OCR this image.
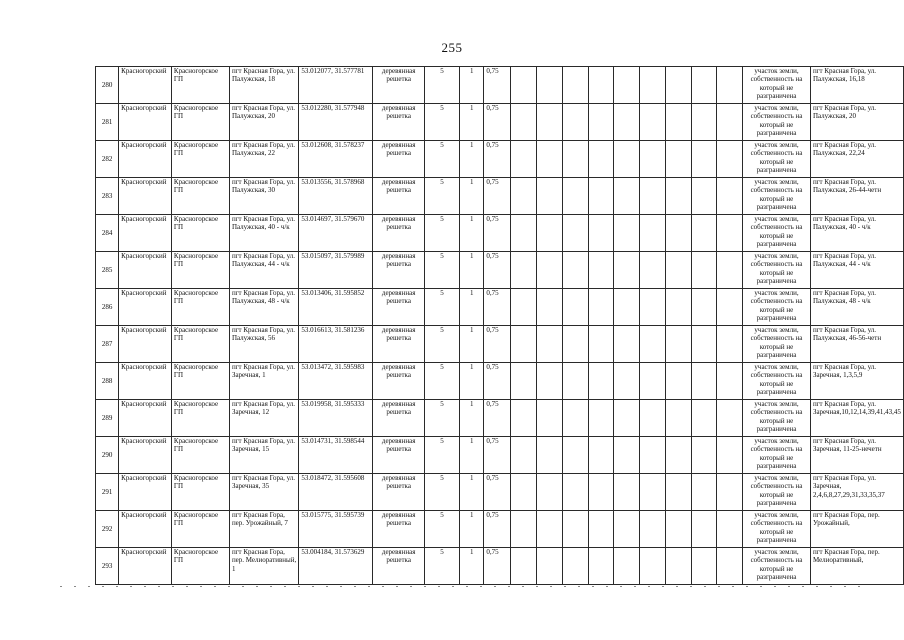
255
280	Красногорский	Красногорское ГП	пгт Красная Гора, ул. Палужская, 18	53.012077, 31.577781	деревянная решетка	5	1	0,75										участок земли, собственность на который не разграничена	пгт Красная Гора, ул. Палужская, 16,18
281	Красногорский	Красногорское ГП	пгт Красная Гора, ул. Палужская, 20	53.012280, 31.577948	деревянная решетка	5	1	0,75										участок земли, собственность на который не разграничена	пгт Красная Гора, ул. Палужская, 20
282	Красногорский	Красногорское ГП	пгт Красная Гора, ул. Палужская, 22	53.012608, 31.578237	деревянная решетка	5	1	0,75										участок земли, собственность на который не разграничена	пгт Красная Гора, ул. Палужская, 22,24
283	Красногорский	Красногорское ГП	пгт Красная Гора, ул. Палужская, 30	53.013556, 31.578968	деревянная решетка	5	1	0,75										участок земли, собственность на который не разграничена	пгт Красная Гора, ул. Палужская, 26-44-четн
284	Красногорский	Красногорское ГП	пгт Красная Гора, ул. Палужская, 40 - ч/к	53.014697, 31.579670	деревянная решетка	5	1	0,75										участок земли, собственность на который не разграничена	пгт Красная Гора, ул. Палужская, 40 - ч/к
285	Красногорский	Красногорское ГП	пгт Красная Гора, ул. Палужская, 44 - ч/к	53.015097, 31.579989	деревянная решетка	5	1	0,75										участок земли, собственность на который не разграничена	пгт Красная Гора, ул. Палужская, 44 - ч/к
286	Красногорский	Красногорское ГП	пгт Красная Гора, ул. Палужская, 48 - ч/к	53.013406, 31.595852	деревянная решетка	5	1	0,75										участок земли, собственность на который не разграничена	пгт Красная Гора, ул. Палужская, 48 - ч/к
287	Красногорский	Красногорское ГП	пгт Красная Гора, ул. Палужская, 56	53.016613, 31.581236	деревянная решетка	5	1	0,75										участок земли, собственность на который не разграничена	пгт Красная Гора, ул. Палужская, 46-56-четн
288	Красногорский	Красногорское ГП	пгт Красная Гора, ул. Заречная, 1	53.013472, 31.595983	деревянная решетка	5	1	0,75										участок земли, собственность на который не разграничена	пгт Красная Гора, ул. Заречная, 1,3,5,9
289	Красногорский	Красногорское ГП	пгт Красная Гора, ул. Заречная, 12	53.019958, 31.595333	деревянная решетка	5	1	0,75										участок земли, собственность на который не разграничена	пгт Красная Гора, ул. Заречная,10,12,14,39,41,43,45
290	Красногорский	Красногорское ГП	пгт Красная Гора, ул. Заречная, 15	53.014731, 31.598544	деревянная решетка	5	1	0,75										участок земли, собственность на который не разграничена	пгт Красная Гора, ул. Заречная, 11-25-нечетн
291	Красногорский	Красногорское ГП	пгт Красная Гора, ул. Заречная, 35	53.018472, 31.595608	деревянная решетка	5	1	0,75										участок земли, собственность на который не разграничена	пгт Красная Гора, ул. Заречная, 2,4,6,8,27,29,31,33,35,37
292	Красногорский	Красногорское ГП	пгт Красная Гора, пер. Урожайный, 7	53.015775, 31.595739	деревянная решетка	5	1	0,75										участок земли, собственность на который не разграничена	пгт Красная Гора, пер. Урожайный,
293	Красногорский	Красногорское ГП	пгт Красная Гора, пер. Мелиоративный, 1	53.004184, 31.573629	деревянная решетка	5	1	0,75										участок земли, собственность на который не разграничена	пгт Красная Гора, пер. Мелиоративный,
